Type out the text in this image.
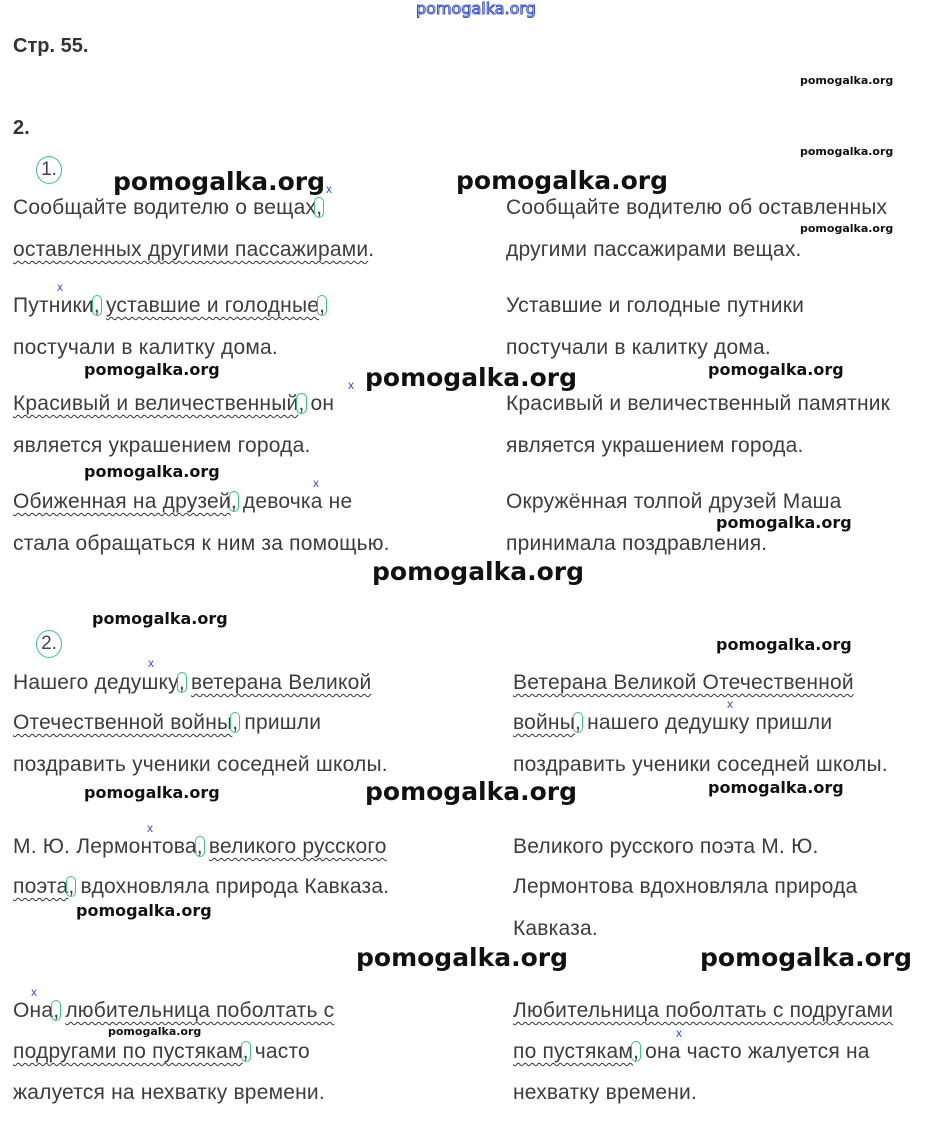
pomogalka.org
Стр. 55.
2.
1.
2.
Сообщайте водителю о вещах,
оставленных другими пассажирами.
Путники, уставшие и голодные,
постучали в калитку дома.
Красивый и величественный, он
является украшением города.
Обиженная на друзей, девочка не
стала обращаться к ним за помощью.
Сообщайте водителю об оставленных
другими пассажирами вещах.
Уставшие и голодные путники
постучали в калитку дома.
Красивый и величественный памятник
является украшением города.
Окружённая толпой друзей Маша
принимала поздравления.
Нашего дедушку, ветерана Великой
Отечественной войны, пришли
поздравить ученики соседней школы.
М. Ю. Лермонтова, великого русского
поэта, вдохновляла природа Кавказа.
Она, любительница поболтать с
подругами по пустякам, часто
жалуется на нехватку времени.
Ветерана Великой Отечественной
войны, нашего дедушку пришли
поздравить ученики соседней школы.
Великого русского поэта М. Ю.
Лермонтова вдохновляла природа
Кавказа.
Любительница поболтать с подругами
по пустякам, она часто жалуется на
нехватку времени.
x
x
x
x
x
x
x
x
x
pomogalka.org	pomogalka.org
pomogalka.org
pomogalka.org
pomogalka.org
pomogalka.org	pomogalka.org
pomogalka.org	pomogalka.org
pomogalka.org
pomogalka.org
pomogalka.org
pomogalka.org
pomogalka.org	pomogalka.org
pomogalka.org
pomogalka.org
pomogalka.org
pomogalka.org
pomogalka.org
